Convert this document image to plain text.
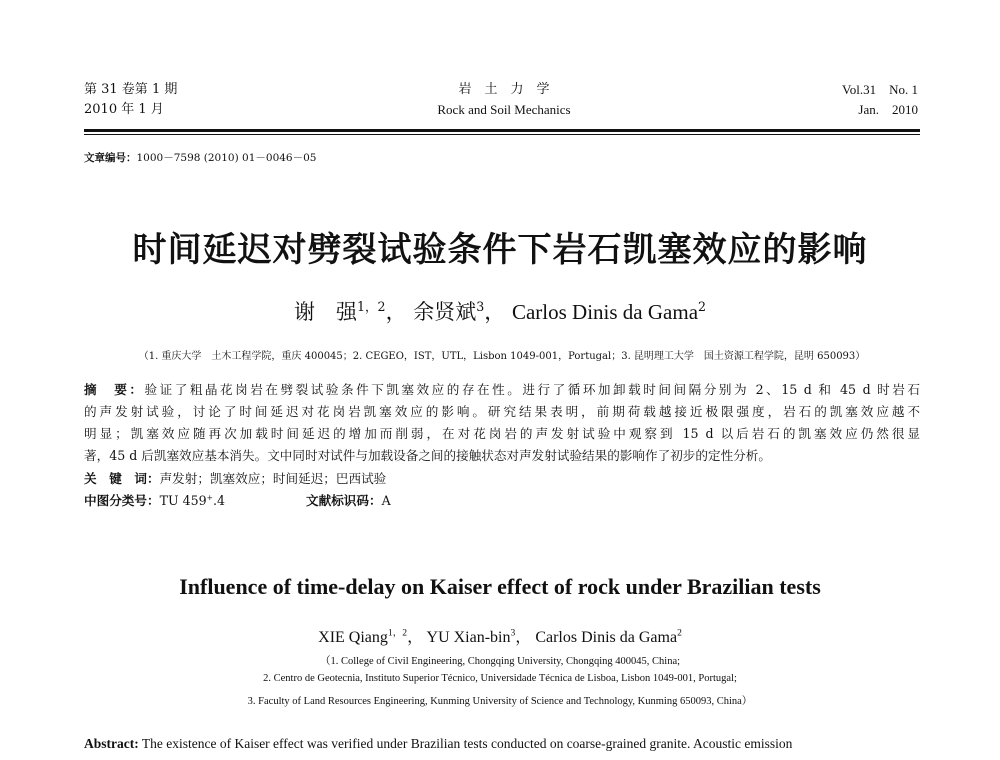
第 31 卷第 1 期
2010 年 1 月
岩　土　力　学
Rock and Soil Mechanics
Vol.31　No. 1
Jan.　2010
文章编号：1000－7598 (2010) 01－0046－05
时间延迟对劈裂试验条件下岩石凯塞效应的影响
谢　强$^{1,2}$， 余贤斌$^3$， Carlos Dinis da Gama$^2$
（1. 重庆大学　土木工程学院，重庆 400045；2. CEGEO，IST，UTL，Lisbon 1049-001，Portugal；3. 昆明理工大学　国土资源工程学院，昆明 650093）
摘　要：验证了粗晶花岗岩在劈裂试验条件下凯塞效应的存在性。进行了循环加卸载时间间隔分别为 2、15 d 和 45 d 时岩石
的声发射试验，讨论了时间延迟对花岗岩凯塞效应的影响。研究结果表明，前期荷载越接近极限强度，岩石的凯塞效应越不
明显；凯塞效应随再次加载时间延迟的增加而削弱，在对花岗岩的声发射试验中观察到 15 d 以后岩石的凯塞效应仍然很显
著，45 d 后凯塞效应基本消失。文中同时对试件与加载设备之间的接触状态对声发射试验结果的影响作了初步的定性分析。
关　键　词：声发射；凯塞效应；时间延迟；巴西试验
中图分类号：TU 459+.4	文献标识码：A
Influence of time-delay on Kaiser effect of rock under Brazilian tests
XIE Qiang$^{1,2}$， YU Xian-bin$^3$， Carlos Dinis da Gama$^2$
（1. College of Civil Engineering, Chongqing University, Chongqing 400045, China;
2. Centro de Geotecnia, Instituto Superior Técnico, Universidade Técnica de Lisboa, Lisbon 1049-001, Portugal;
3. Faculty of Land Resources Engineering, Kunming University of Science and Technology, Kunming 650093, China）
Abstract: The existence of Kaiser effect was verified under Brazilian tests conducted on coarse-grained granite. Acoustic emission
